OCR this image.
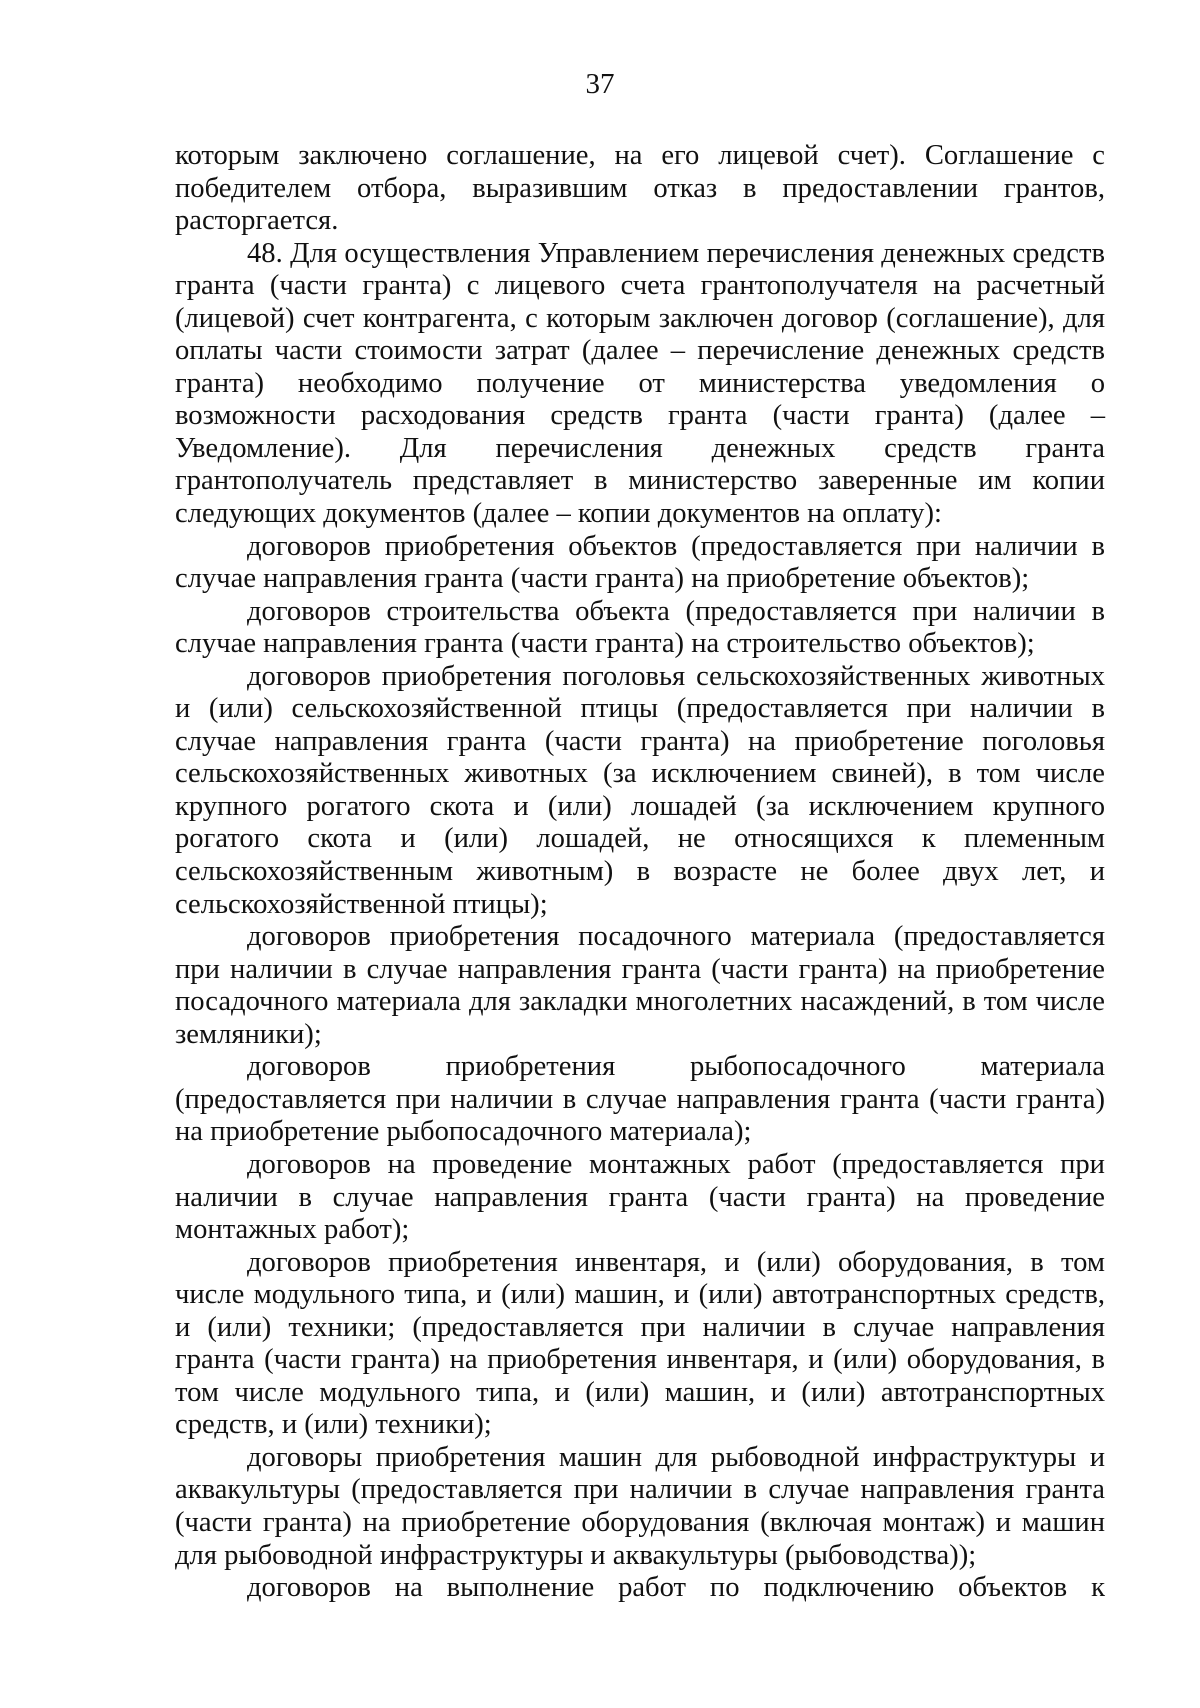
37

которым заключено соглашение, на его лицевой счет). Соглашение с победителем отбора, выразившим отказ в предоставлении грантов, расторгается.

48. Для осуществления Управлением перечисления денежных средств гранта (части гранта) с лицевого счета грантополучателя на расчетный (лицевой) счет контрагента, с которым заключен договор (соглашение), для оплаты части стоимости затрат (далее – перечисление денежных средств гранта) необходимо получение от министерства уведомления о возможности расходования средств гранта (части гранта) (далее – Уведомление). Для перечисления денежных средств гранта грантополучатель представляет в министерство заверенные им копии следующих документов (далее – копии документов на оплату):

договоров приобретения объектов (предоставляется при наличии в случае направления гранта (части гранта) на приобретение объектов);

договоров строительства объекта (предоставляется при наличии в случае направления гранта (части гранта) на строительство объектов);

договоров приобретения поголовья сельскохозяйственных животных и (или) сельскохозяйственной птицы (предоставляется при наличии в случае направления гранта (части гранта) на приобретение поголовья сельскохозяйственных животных (за исключением свиней), в том числе крупного рогатого скота и (или) лошадей (за исключением крупного рогатого скота и (или) лошадей, не относящихся к племенным сельскохозяйственным животным) в возрасте не более двух лет, и сельскохозяйственной птицы);

договоров приобретения посадочного материала (предоставляется при наличии в случае направления гранта (части гранта) на приобретение посадочного материала для закладки многолетних насаждений, в том числе земляники);

договоров приобретения рыбопосадочного материала (предоставляется при наличии в случае направления гранта (части гранта) на приобретение рыбопосадочного материала);

договоров на проведение монтажных работ (предоставляется при наличии в случае направления гранта (части гранта) на проведение монтажных работ);

договоров приобретения инвентаря, и (или) оборудования, в том числе модульного типа, и (или) машин, и (или) автотранспортных средств, и (или) техники; (предоставляется при наличии в случае направления гранта (части гранта) на приобретения инвентаря, и (или) оборудования, в том числе модульного типа, и (или) машин, и (или) автотранспортных средств, и (или) техники);

договоры приобретения машин для рыбоводной инфраструктуры и аквакультуры (предоставляется при наличии в случае направления гранта (части гранта) на приобретение оборудования (включая монтаж) и машин для рыбоводной инфраструктуры и аквакультуры (рыбоводства));

договоров на выполнение работ по подключению объектов к
